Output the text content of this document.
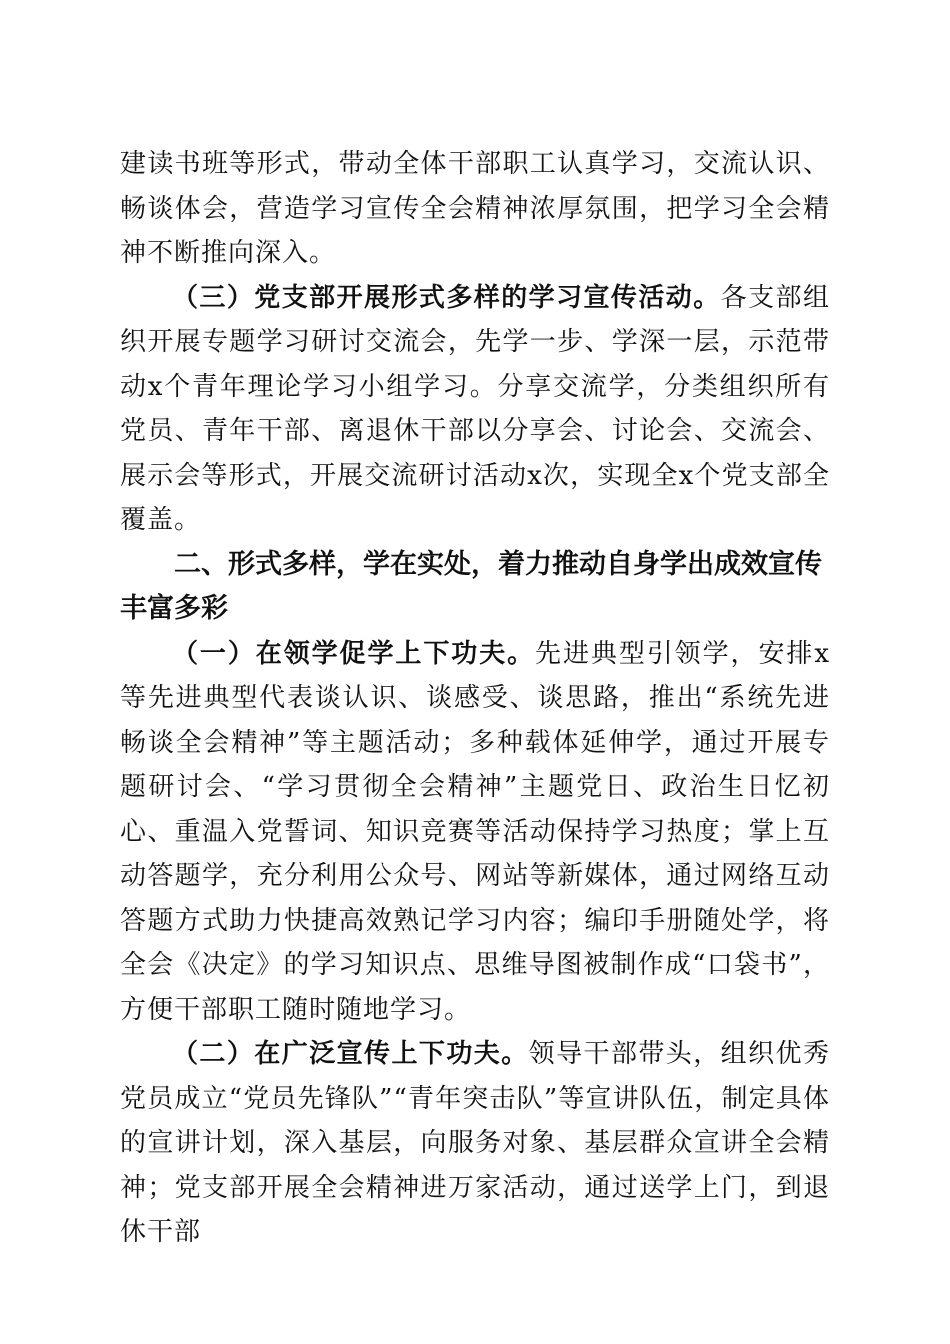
建读书班等形式，带动全体干部职工认真学习，交流认识、畅谈体会，营造学习宣传全会精神浓厚氛围，把学习全会精神不断推向深入。

（三）党支部开展形式多样的学习宣传活动。各支部组织开展专题学习研讨交流会，先学一步、学深一层，示范带动x个青年理论学习小组学习。分享交流学，分类组织所有党员、青年干部、离退休干部以分享会、讨论会、交流会、展示会等形式，开展交流研讨活动x次，实现全x个党支部全覆盖。

二、形式多样，学在实处，着力推动自身学出成效宣传丰富多彩

（一）在领学促学上下功夫。先进典型引领学，安排x等先进典型代表谈认识、谈感受、谈思路，推出“系统先进畅谈全会精神”等主题活动；多种载体延伸学，通过开展专题研讨会、“学习贯彻全会精神”主题党日、政治生日忆初心、重温入党誓词、知识竞赛等活动保持学习热度；掌上互动答题学，充分利用公众号、网站等新媒体，通过网络互动答题方式助力快捷高效熟记学习内容；编印手册随处学，将全会《决定》的学习知识点、思维导图被制作成“口袋书”，方便干部职工随时随地学习。

（二）在广泛宣传上下功夫。领导干部带头，组织优秀党员成立“党员先锋队”“青年突击队”等宣讲队伍，制定具体的宣讲计划，深入基层，向服务对象、基层群众宣讲全会精神；党支部开展全会精神进万家活动，通过送学上门，到退休干部
